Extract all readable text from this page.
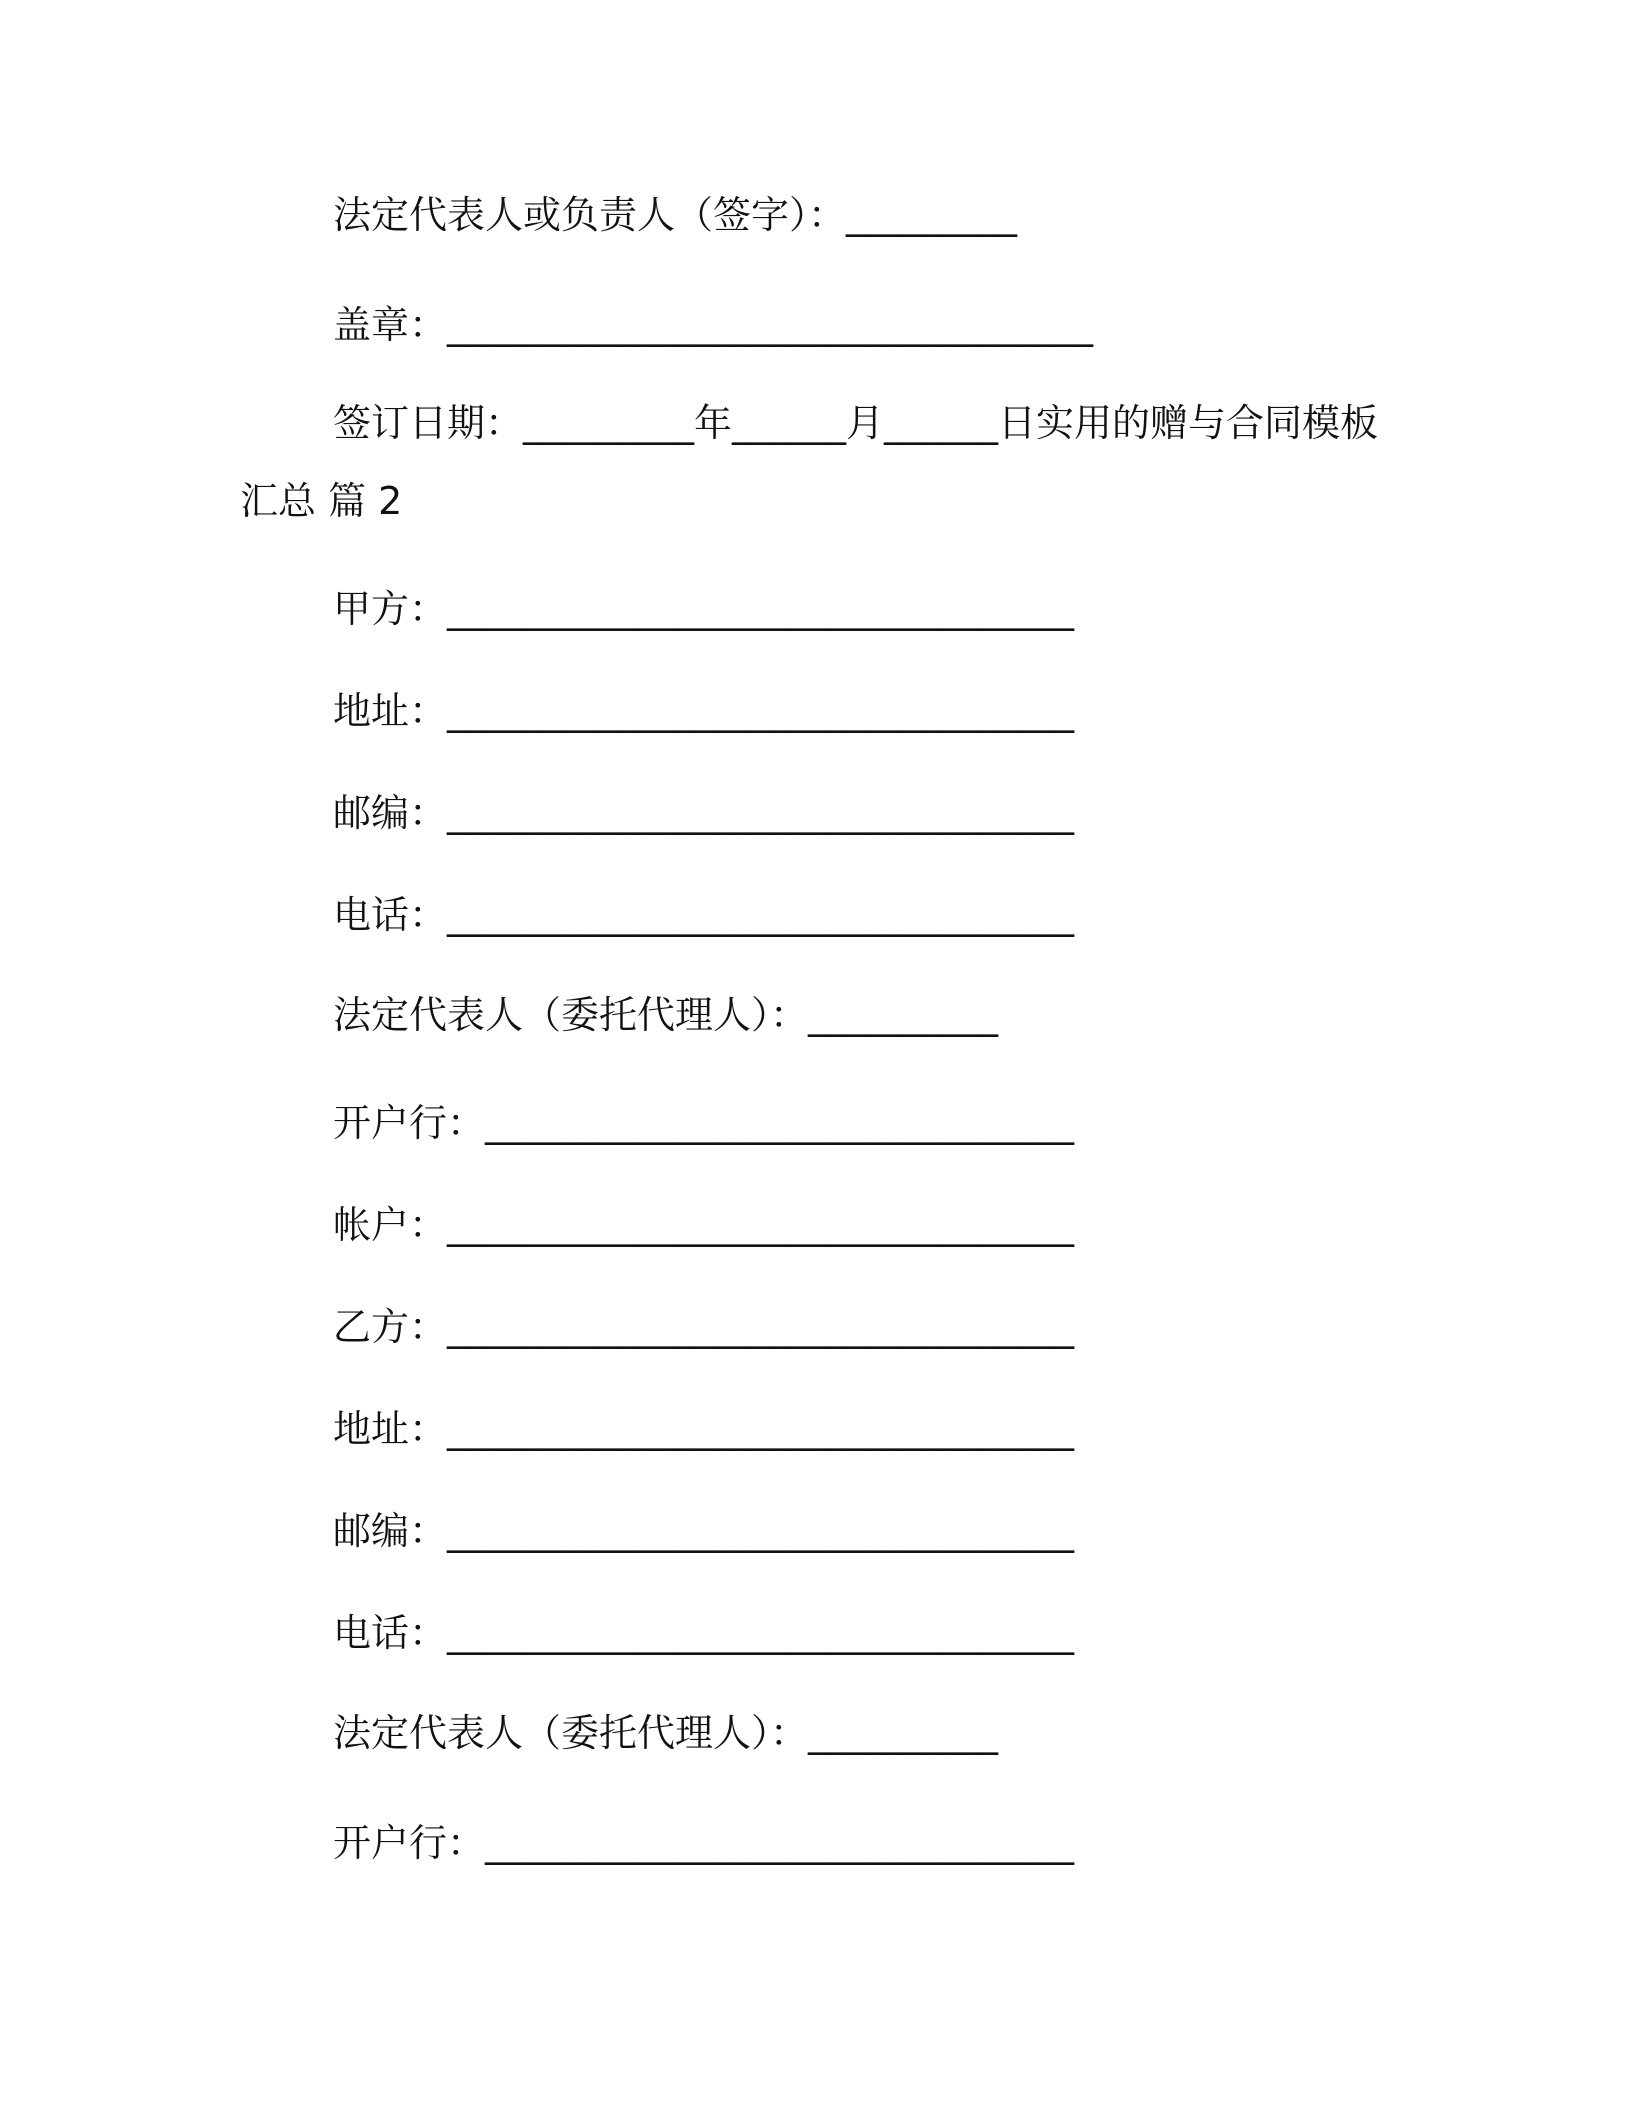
法定代表人或负责人（签字）：_________
盖章：__________________________________
签订日期：_________年______月______日实用的赠与合同模板
汇总 篇 2
甲方：_________________________________
地址：_________________________________
邮编：_________________________________
电话：_________________________________
法定代表人（委托代理人）：__________
开户行：_______________________________
帐户：_________________________________
乙方：_________________________________
地址：_________________________________
邮编：_________________________________
电话：_________________________________
法定代表人（委托代理人）：__________
开户行：_______________________________
